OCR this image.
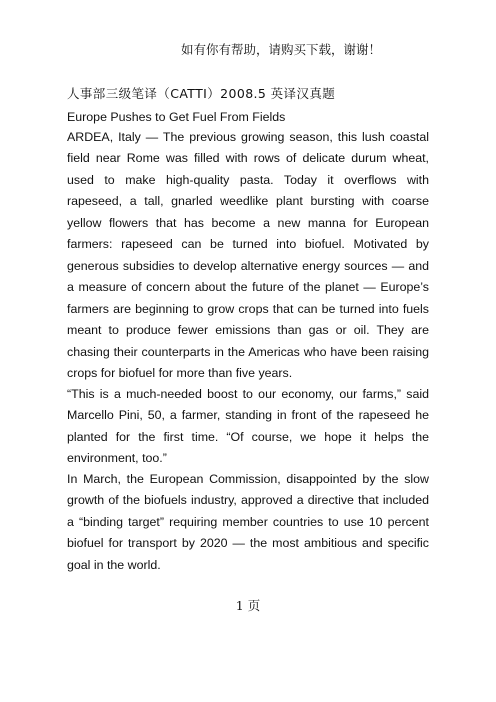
如有你有帮助，请购买下载，谢谢！
人事部三级笔译（CATTI）2008.5 英译汉真题
Europe Pushes to Get Fuel From Fields

ARDEA, Italy — The previous growing season, this lush coastal field near Rome was filled with rows of delicate durum wheat, used to make high-quality pasta. Today it overflows with rapeseed, a tall, gnarled weedlike plant bursting with coarse yellow flowers that has become a new manna for European farmers: rapeseed can be turned into biofuel. Motivated by generous subsidies to develop alternative energy sources — and a measure of concern about the future of the planet — Europe’s farmers are beginning to grow crops that can be turned into fuels meant to produce fewer emissions than gas or oil. They are chasing their counterparts in the Americas who have been raising crops for biofuel for more than five years.

“This is a much-needed boost to our economy, our farms,” said Marcello Pini, 50, a farmer, standing in front of the rapeseed he planted for the first time. “Of course, we hope it helps the environment, too.”

In March, the European Commission, disappointed by the slow growth of the biofuels industry, approved a directive that included a “binding target” requiring member countries to use 10 percent biofuel for transport by 2020 — the most ambitious and specific goal in the world.

1 页
